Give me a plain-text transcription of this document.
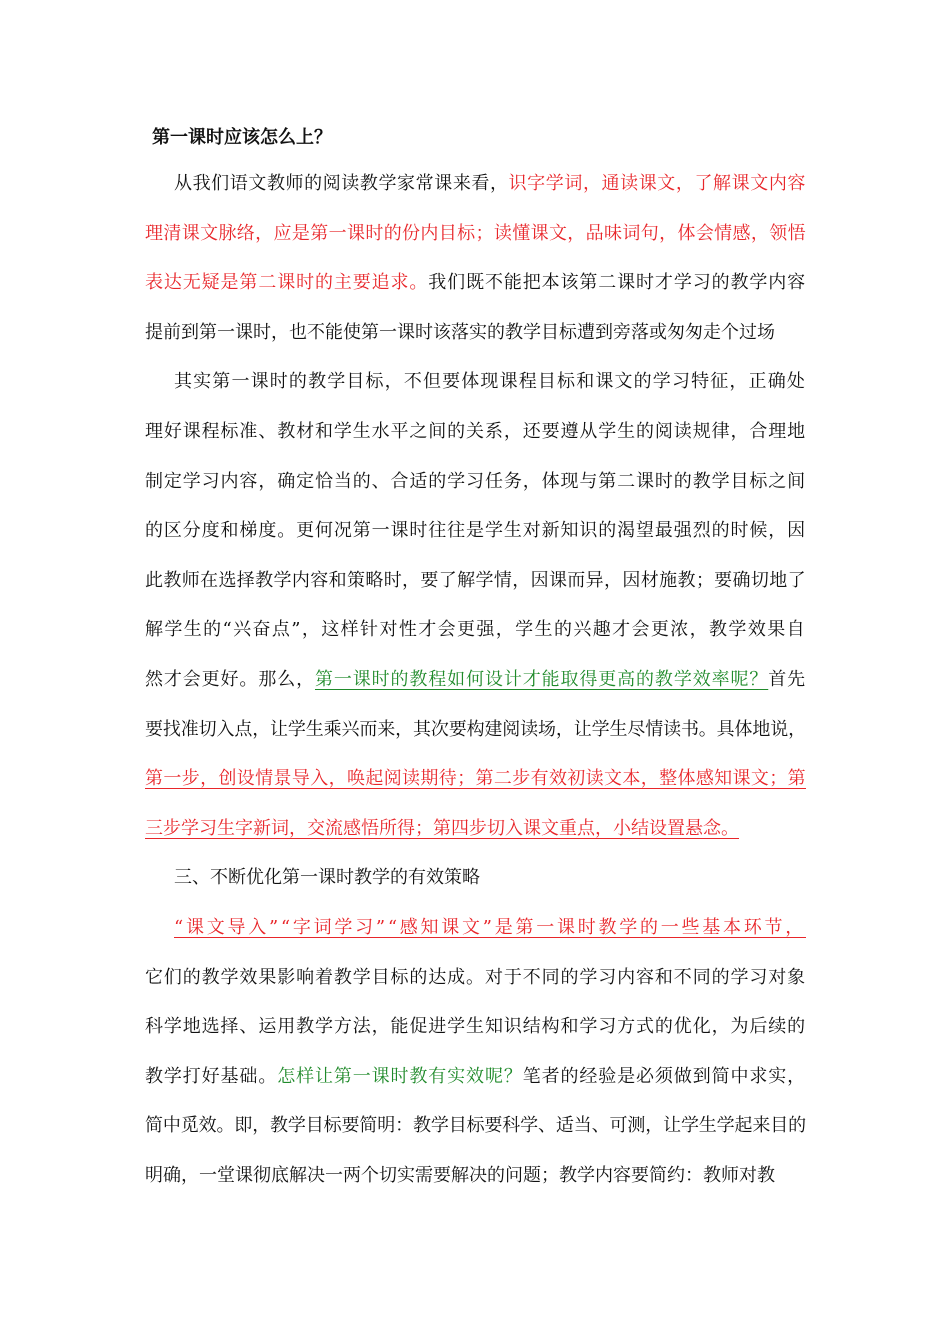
第一课时应该怎么上？
从我们语文教师的阅读教学家常课来看，识字学词，通读课文，了解课文内容
理清课文脉络，应是第一课时的份内目标；读懂课文，品味词句，体会情感，领悟
表达无疑是第二课时的主要追求。我们既不能把本该第二课时才学习的教学内容
提前到第一课时，也不能使第一课时该落实的教学目标遭到旁落或匆匆走个过场
其实第一课时的教学目标，不但要体现课程目标和课文的学习特征，正确处
理好课程标准、教材和学生水平之间的关系，还要遵从学生的阅读规律，合理地
制定学习内容，确定恰当的、合适的学习任务，体现与第二课时的教学目标之间
的区分度和梯度。更何况第一课时往往是学生对新知识的渴望最强烈的时候，因
此教师在选择教学内容和策略时，要了解学情，因课而异，因材施教；要确切地了
解学生的“兴奋点”，这样针对性才会更强，学生的兴趣才会更浓，教学效果自
然才会更好。那么，第一课时的教程如何设计才能取得更高的教学效率呢？首先
要找准切入点，让学生乘兴而来，其次要构建阅读场，让学生尽情读书。具体地说，
第一步，创设情景导入，唤起阅读期待；第二步有效初读文本，整体感知课文；第
三步学习生字新词，交流感悟所得；第四步切入课文重点，小结设置悬念。
三、不断优化第一课时教学的有效策略
“课文导入”“字词学习”“感知课文”是第一课时教学的一些基本环节，
它们的教学效果影响着教学目标的达成。对于不同的学习内容和不同的学习对象
科学地选择、运用教学方法，能促进学生知识结构和学习方式的优化，为后续的
教学打好基础。怎样让第一课时教有实效呢？笔者的经验是必须做到简中求实，
简中觅效。即，教学目标要简明：教学目标要科学、适当、可测，让学生学起来目的
明确，一堂课彻底解决一两个切实需要解决的问题；教学内容要简约：教师对教
